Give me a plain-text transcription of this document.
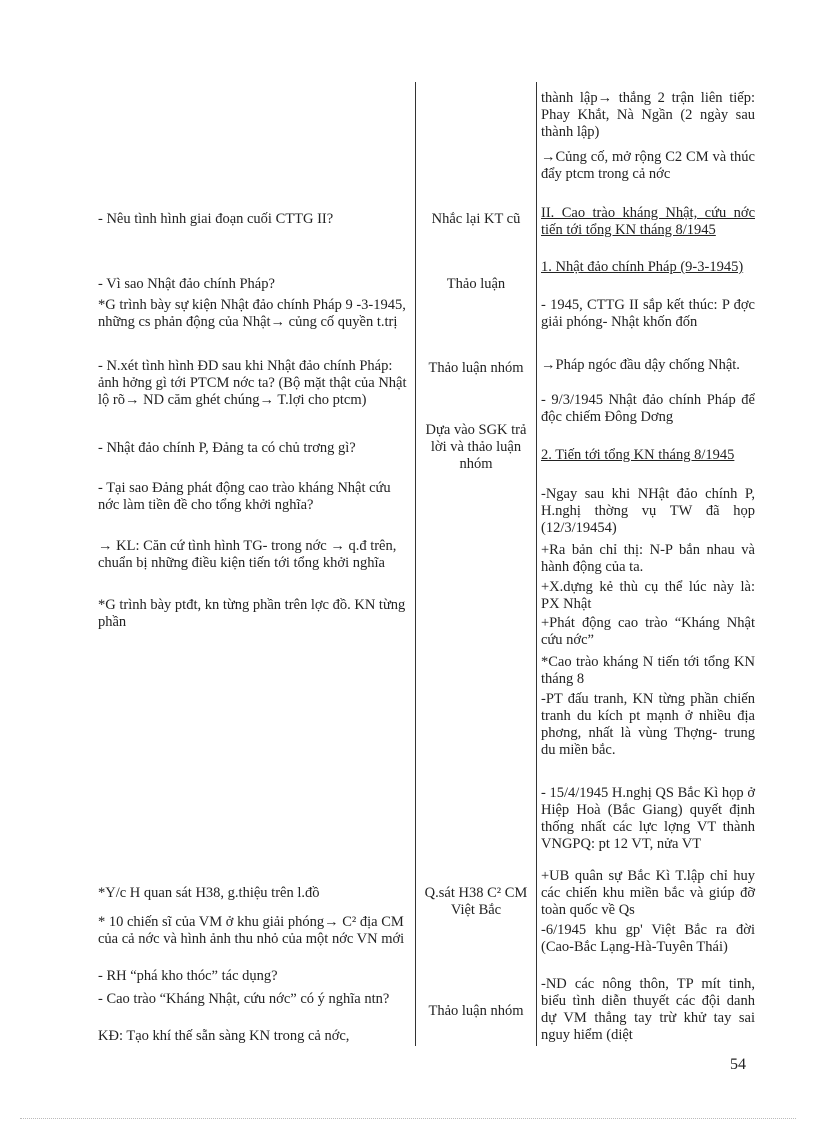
- Nêu tình hình giai đoạn cuối CTTG II?
- Vì sao Nhật đảo chính Pháp?
*G trình bày sự kiện Nhật đảo chính Pháp 9 -3-1945, những cs phản động của Nhật→ củng cố quyền t.trị
- N.xét tình hình ĐD sau khi Nhật đảo chính Pháp: ảnh hởng gì tới PTCM nớc ta? (Bộ mặt thật của Nhật lộ rõ→ ND căm ghét chúng→ T.lợi cho ptcm)
- Nhật đảo chính P, Đảng ta có chủ trơng gì?
- Tại sao Đảng phát động cao trào kháng Nhật cứu nớc làm tiền đề cho tổng khởi nghĩa?
→ KL: Căn cứ tình hình TG- trong nớc → q.đ trên, chuẩn bị những điều kiện tiến tới tổng khởi nghĩa
*G trình bày ptđt, kn từng phần trên lợc đồ. KN từng phần
*Y/c H quan sát H38, g.thiệu trên l.đồ
* 10 chiến sĩ của VM ở khu giải phóng→ C² địa CM của cả nớc và hình ảnh thu nhỏ của một nớc VN mới
- RH “phá kho thóc” tác dụng?
- Cao trào “Kháng Nhật, cứu nớc” có ý nghĩa ntn?
KĐ: Tạo khí thế sẵn sàng KN trong cả nớc,
Nhắc lại KT cũ
Thảo luận
Thảo luận nhóm
Dựa vào SGK trả lời và thảo luận nhóm
Q.sát H38 C² CM Việt Bắc
Thảo luận nhóm
thành lập→ thắng 2 trận liên tiếp: Phay Khắt, Nà Ngần (2 ngày sau thành lập)
→Củng cố, mở rộng C2 CM và thúc đẩy ptcm trong cả nớc
II. Cao trào kháng Nhật, cứu nớc tiến tới tổng KN tháng 8/1945
1. Nhật đảo chính Pháp (9-3-1945)
- 1945, CTTG II sắp kết thúc: P đợc giải phóng- Nhật khốn đốn
→Pháp ngóc đầu dậy chống Nhật.
- 9/3/1945 Nhật đảo chính Pháp để độc chiếm Đông Dơng
2. Tiến tới tổng KN tháng 8/1945
-Ngay sau khi NHật đảo chính P, H.nghị thờng vụ TW đã họp (12/3/19454)
+Ra bản chỉ thị: N-P bắn nhau và hành động của ta.
+X.dựng kẻ thù cụ thể lúc này là: PX Nhật
+Phát động cao trào “Kháng Nhật cứu nớc”
*Cao trào kháng N tiến tới tổng KN tháng 8
-PT đấu tranh, KN từng phần chiến tranh du kích pt mạnh ở nhiều địa phơng, nhất là vùng Thợng- trung du miền bắc.
- 15/4/1945 H.nghị QS Bắc Kì họp ở Hiệp Hoà (Bắc Giang) quyết định thống nhất các lực lợng VT thành VNGPQ: pt 12 VT, nửa VT
+UB quân sự Bắc Kì T.lập chỉ huy các chiến khu miền bắc và giúp đỡ toàn quốc về Qs
-6/1945 khu gp' Việt Bắc ra đời (Cao-Bắc Lạng-Hà-Tuyên Thái)
-ND các nông thôn, TP mít tinh, biểu tình diễn thuyết các đội danh dự VM thẳng tay trừ khử tay sai nguy hiểm (diệt
54
